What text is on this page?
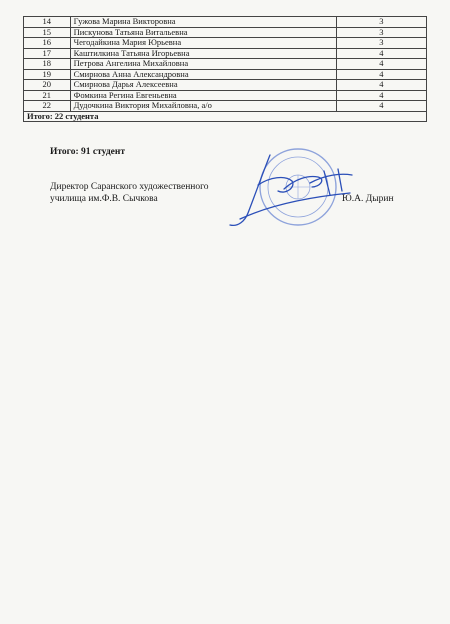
14	Гужова Марина Викторовна	3
15	Пискунова Татьяна Витальевна	3
16	Чегодайкина Мария Юрьевна	3
17	Каштилкина Татьяна Игорьевна	4
18	Петрова Ангелина Михайловна	4
19	Смирнова Анна Александровна	4
20	Смирнова Дарья Алексеевна	4
21	Фомкина Регина Евгеньевна	4
22	Дудочкина Виктория Михайловна, а/о	4
Итого: 22 студента		
Итого: 91 студент
Директор Саранского художественного
училища им.Ф.В. Сычкова	Ю.А. Дырин
